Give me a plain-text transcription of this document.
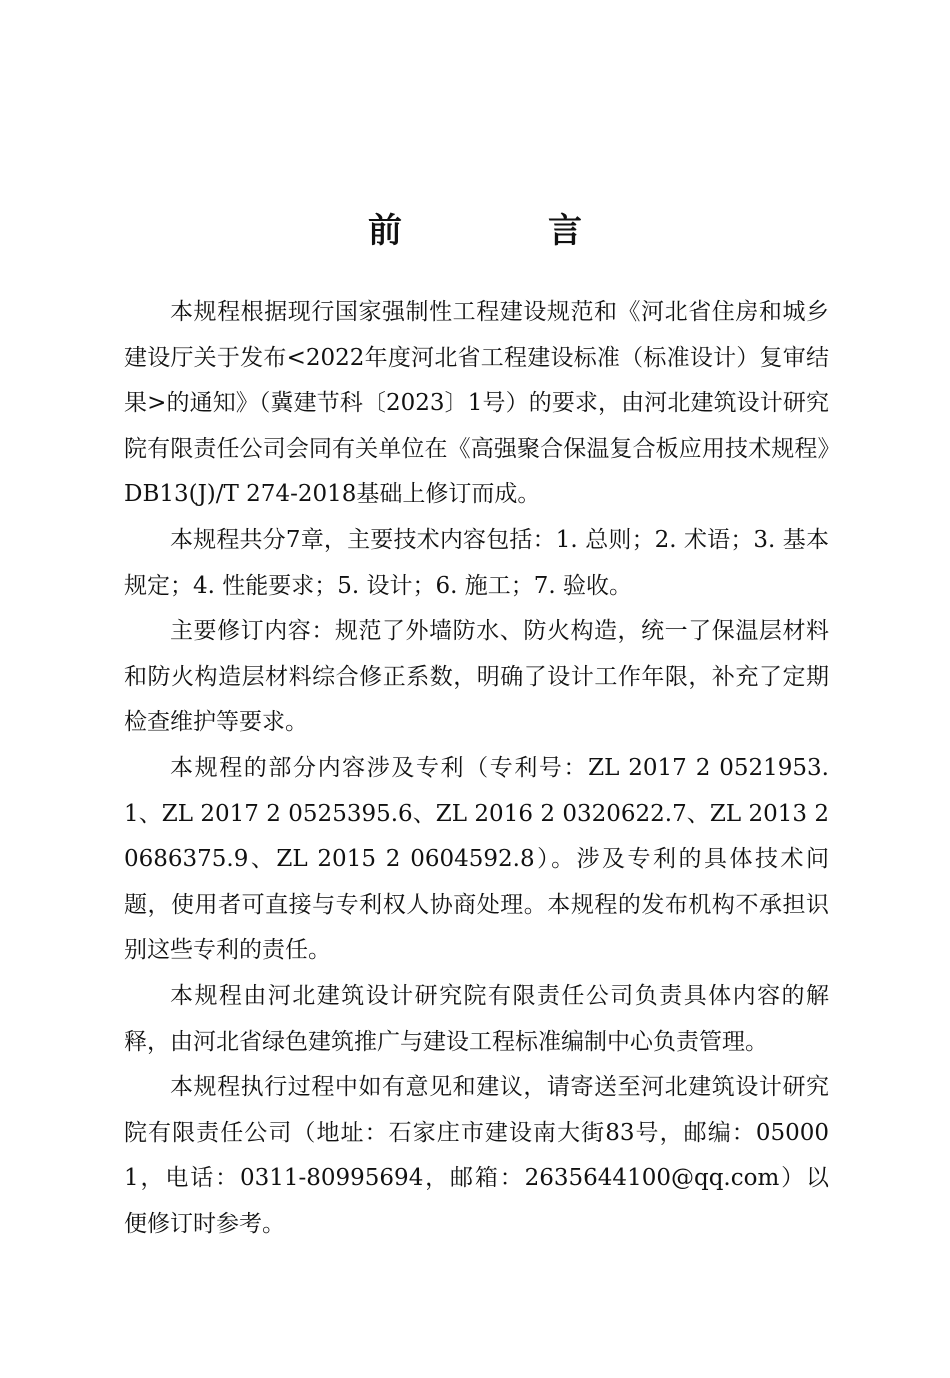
前　言

本规程根据现行国家强制性工程建设规范和《河北省住房和城乡建设厅关于发布<2022年度河北省工程建设标准（标准设计）复审结果>的通知》（冀建节科〔2023〕1号）的要求，由河北建筑设计研究院有限责任公司会同有关单位在《高强聚合保温复合板应用技术规程》DB13(J)/T 274-2018基础上修订而成。

本规程共分7章，主要技术内容包括：1. 总则；2. 术语；3. 基本规定；4. 性能要求；5. 设计；6. 施工；7. 验收。

主要修订内容：规范了外墙防水、防火构造，统一了保温层材料和防火构造层材料综合修正系数，明确了设计工作年限，补充了定期检查维护等要求。

本规程的部分内容涉及专利（专利号：ZL 2017 2 0521953.1、ZL 2017 2 0525395.6、ZL 2016 2 0320622.7、ZL 2013 2 0686375.9、ZL 2015 2 0604592.8）。涉及专利的具体技术问题，使用者可直接与专利权人协商处理。本规程的发布机构不承担识别这些专利的责任。

本规程由河北建筑设计研究院有限责任公司负责具体内容的解释，由河北省绿色建筑推广与建设工程标准编制中心负责管理。

本规程执行过程中如有意见和建议，请寄送至河北建筑设计研究院有限责任公司（地址：石家庄市建设南大街83号，邮编：050001，电话：0311-80995694，邮箱：2635644100@qq.com）以便修订时参考。
